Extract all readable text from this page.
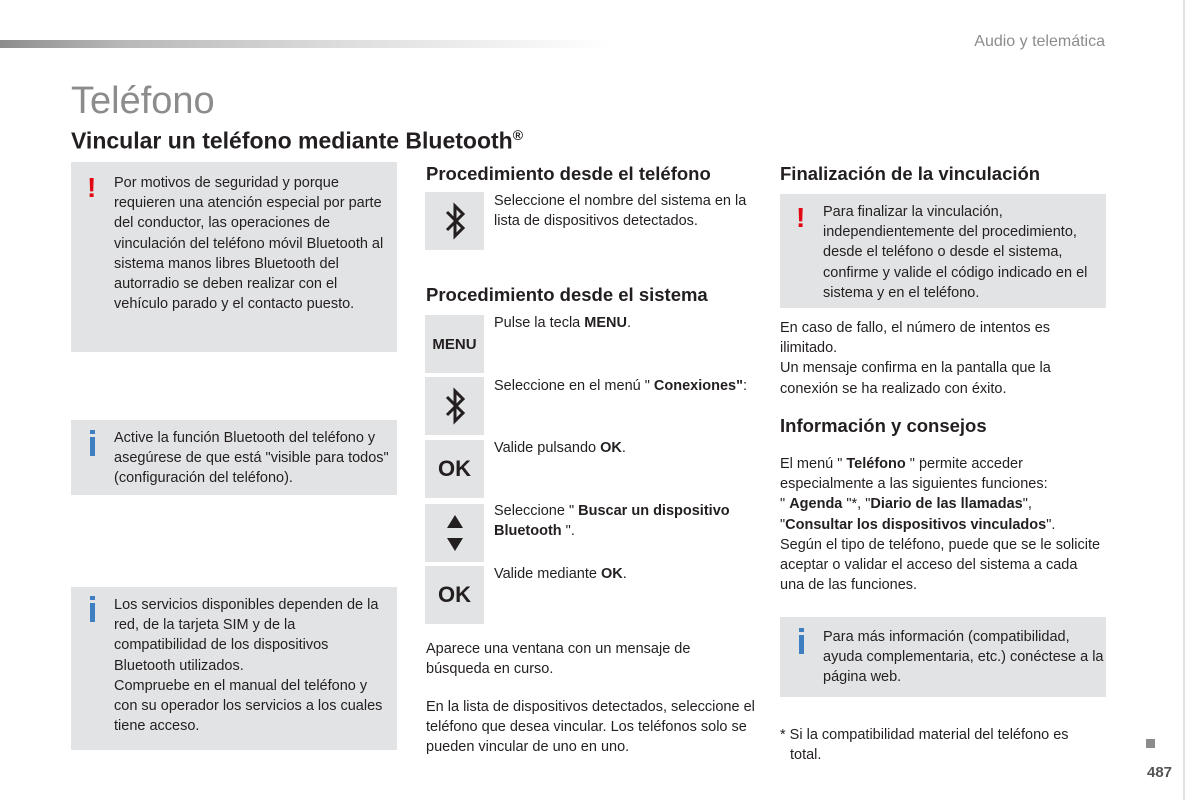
Audio y telemática
Teléfono
Vincular un teléfono mediante Bluetooth®
! Por motivos de seguridad y porque requieren una atención especial por parte del conductor, las operaciones de vinculación del teléfono móvil Bluetooth al sistema manos libres Bluetooth del autorradio se deben realizar con el vehículo parado y el contacto puesto.
Active la función Bluetooth del teléfono y asegúrese de que está "visible para todos" (configuración del teléfono).
Los servicios disponibles dependen de la red, de la tarjeta SIM y de la compatibilidad de los dispositivos Bluetooth utilizados.
Compruebe en el manual del teléfono y con su operador los servicios a los cuales tiene acceso.
Procedimiento desde el teléfono
Seleccione el nombre del sistema en la lista de dispositivos detectados.
Procedimiento desde el sistema
MENU
Pulse la tecla MENU.
Seleccione en el menú " Conexiones":
OK
Valide pulsando OK.
Seleccione " Buscar un dispositivo Bluetooth ".
OK
Valide mediante OK.
Aparece una ventana con un mensaje de búsqueda en curso.
En la lista de dispositivos detectados, seleccione el teléfono que desea vincular. Los teléfonos solo se pueden vincular de uno en uno.
Finalización de la vinculación
! Para finalizar la vinculación, independientemente del procedimiento, desde el teléfono o desde el sistema, confirme y valide el código indicado en el sistema y en el teléfono.
En caso de fallo, el número de intentos es ilimitado.
Un mensaje confirma en la pantalla que la conexión se ha realizado con éxito.
Información y consejos
El menú " Teléfono " permite acceder especialmente a las siguientes funciones:
" Agenda "*, "Diario de las llamadas",
"Consultar los dispositivos vinculados".
Según el tipo de teléfono, puede que se le solicite aceptar o validar el acceso del sistema a cada una de las funciones.
Para más información (compatibilidad, ayuda complementaria, etc.) conéctese a la página web.
* Si la compatibilidad material del teléfono es total.
487
